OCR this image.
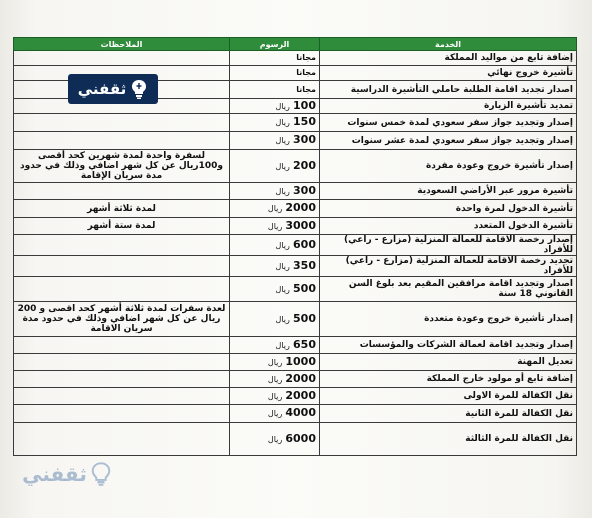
الخدمة	الرسوم	الملاحظات
إضافة تابع من مواليد المملكة	مجانا	
تأشيرة خروج نهائي	مجانا	
اصدار تجديد اقامة الطلبة حاملي التأشيرة الدراسية	مجانا	
تمديد تأشيرة الزيارة	100 ريال	
إصدار وتجديد جواز سفر سعودي لمدة خمس سنوات	150 ريال	
إصدار وتجديد جواز سفر سعودي لمدة عشر سنوات	300 ريال	
إصدار تأشيرة خروج وعودة مفردة	200 ريال	لسفرة واحدة لمدة شهرين كحد أقصى و100ريال عن كل شهر اضافي وذلك في حدود مدة سريان الإقامة
تأشيرة مرور عبر الأراضي السعودية	300 ريال	
تأشيرة الدخول لمرة واحدة	2000 ريال	لمدة ثلاثة أشهر
تأشيرة الدخول المتعدد	3000 ريال	لمدة ستة أشهر
إصدار رخصة الاقامة للعمالة المنزلية (مزارع - راعي) للأفراد	600 ريال	
تجديد رخصة الاقامة للعمالة المنزلية (مزارع - راعي) للأفراد	350 ريال	
اصدار وتجديد اقامة مرافقين المقيم بعد بلوغ السن القانوني 18 سنة	500 ريال	
إصدار تأشيرة خروج وعودة متعددة	500 ريال	لعدة سفرات لمدة ثلاثة أشهر كحد اقصى و 200 ريال عن كل شهر اضافي وذلك في حدود مدة سريان الاقامة
إصدار وتجديد اقامة لعمالة الشركات والمؤسسات	650 ريال	
تعديل المهنة	1000 ريال	
إضافة تابع أو مولود خارج المملكة	2000 ريال	
نقل الكفالة للمرة الاولى	2000 ريال	
نقل الكفالة للمرة الثانية	4000 ريال	
نقل الكفالة للمرة الثالثة	6000 ريال	
ثقفني
ثقفني
